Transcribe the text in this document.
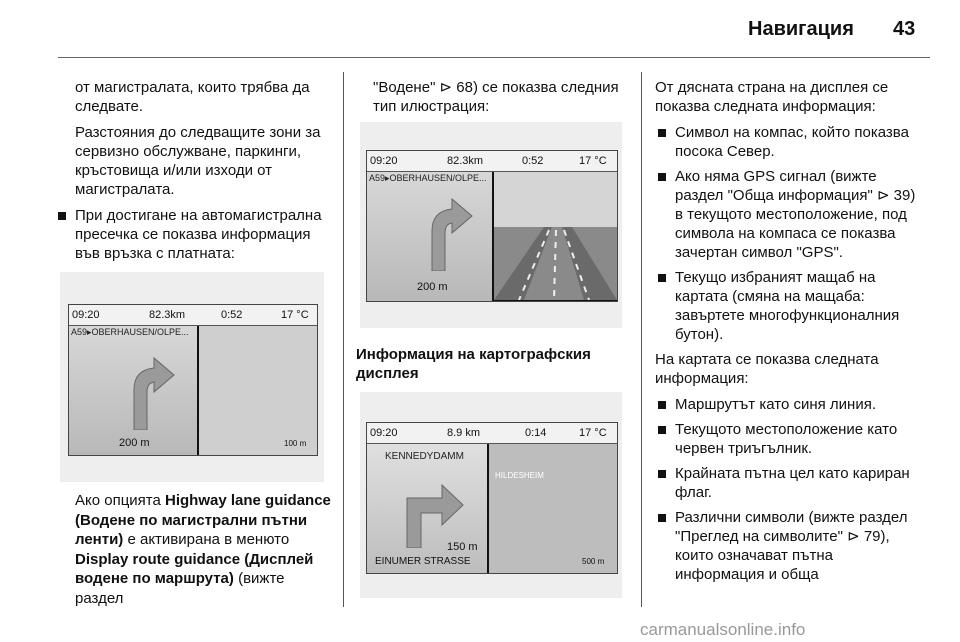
Навигация 43

от магистралата, които трябва да следвате.

Разстояния до следващите зони за сервизно обслужване, паркинги, кръстовища и/или изходи от магистралата.

При достигане на автомагистрална пресечка се показва информация във връзка с платната:
09:20	82.3km	0:52	17 °C
A59▸OBERHAUSEN/OLPE...
200 m	100 m
Ако опцията Highway lane guidance (Водене по магистрални пътни ленти) е активирана в менюто Display route guidance (Дисплей водене по маршрута) (вижте раздел

"Водене" ⊳ 68) се показва следния тип илюстрация:

09:20	82.3km	0:52	17 °C
A59▸OBERHAUSEN/OLPE...
200 m
Информация на картографския дисплея
09:20	8.9 km	0:14	17 °C
KENNEDYDAMM
HILDESHEIM
150 m
EINUMER STRASSE	500 m

От дясната страна на дисплея се показва следната информация:

Символ на компас, който показва посока Север.
Ако няма GPS сигнал (вижте раздел "Обща информация" ⊳ 39) в текущото местоположение, под символа на компаса се показва зачертан символ "GPS".
Текущо избраният мащаб на картата (смяна на мащаба: завъртете многофункционалния бутон).

На картата се показва следната информация:

Маршрутът като синя линия.
Текущото местоположение като червен триъгълник.
Крайната пътна цел като кариран флаг.
Различни символи (вижте раздел "Преглед на символите" ⊳ 79), които означават пътна информация и обща
carmanualsonline.info
